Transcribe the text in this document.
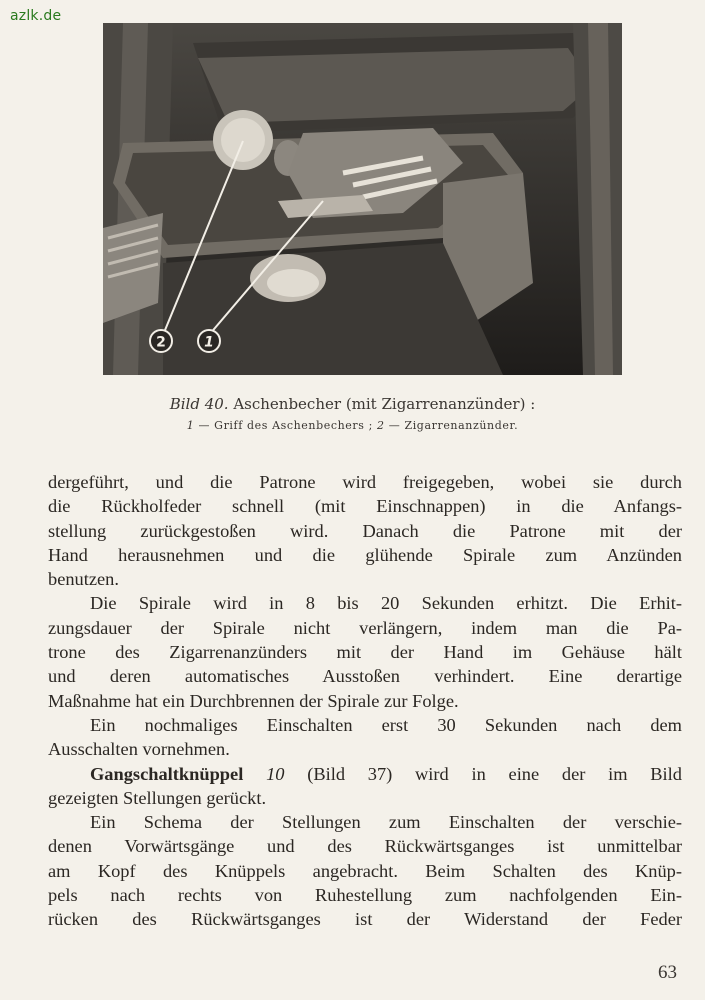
azlk.de
2	1
Bild 40. Aschenbecher (mit Zigarrenanzünder) :
1 — Griff des Aschenbechers ; 2 — Zigarrenanzünder.

dergeführt, und die Patrone wird freigegeben, wobei sie durch
die Rückholfeder schnell (mit Einschnappen) in die Anfangs-
stellung zurückgestoßen wird. Danach die Patrone mit der
Hand herausnehmen und die glühende Spirale zum Anzünden
benutzen.

Die Spirale wird in 8 bis 20 Sekunden erhitzt. Die Erhit-
zungsdauer der Spirale nicht verlängern, indem man die Pa-
trone des Zigarrenanzünders mit der Hand im Gehäuse hält
und deren automatisches Ausstoßen verhindert. Eine derartige
Maßnahme hat ein Durchbrennen der Spirale zur Folge.

Ein nochmaliges Einschalten erst 30 Sekunden nach dem
Ausschalten vornehmen.

Gangschaltknüppel 10 (Bild 37) wird in eine der im Bild
gezeigten Stellungen gerückt.

Ein Schema der Stellungen zum Einschalten der verschie-
denen Vorwärtsgänge und des Rückwärtsganges ist unmittelbar
am Kopf des Knüppels angebracht. Beim Schalten des Knüp-
pels nach rechts von Ruhestellung zum nachfolgenden Ein-
rücken des Rückwärtsganges ist der Widerstand der Feder

63
